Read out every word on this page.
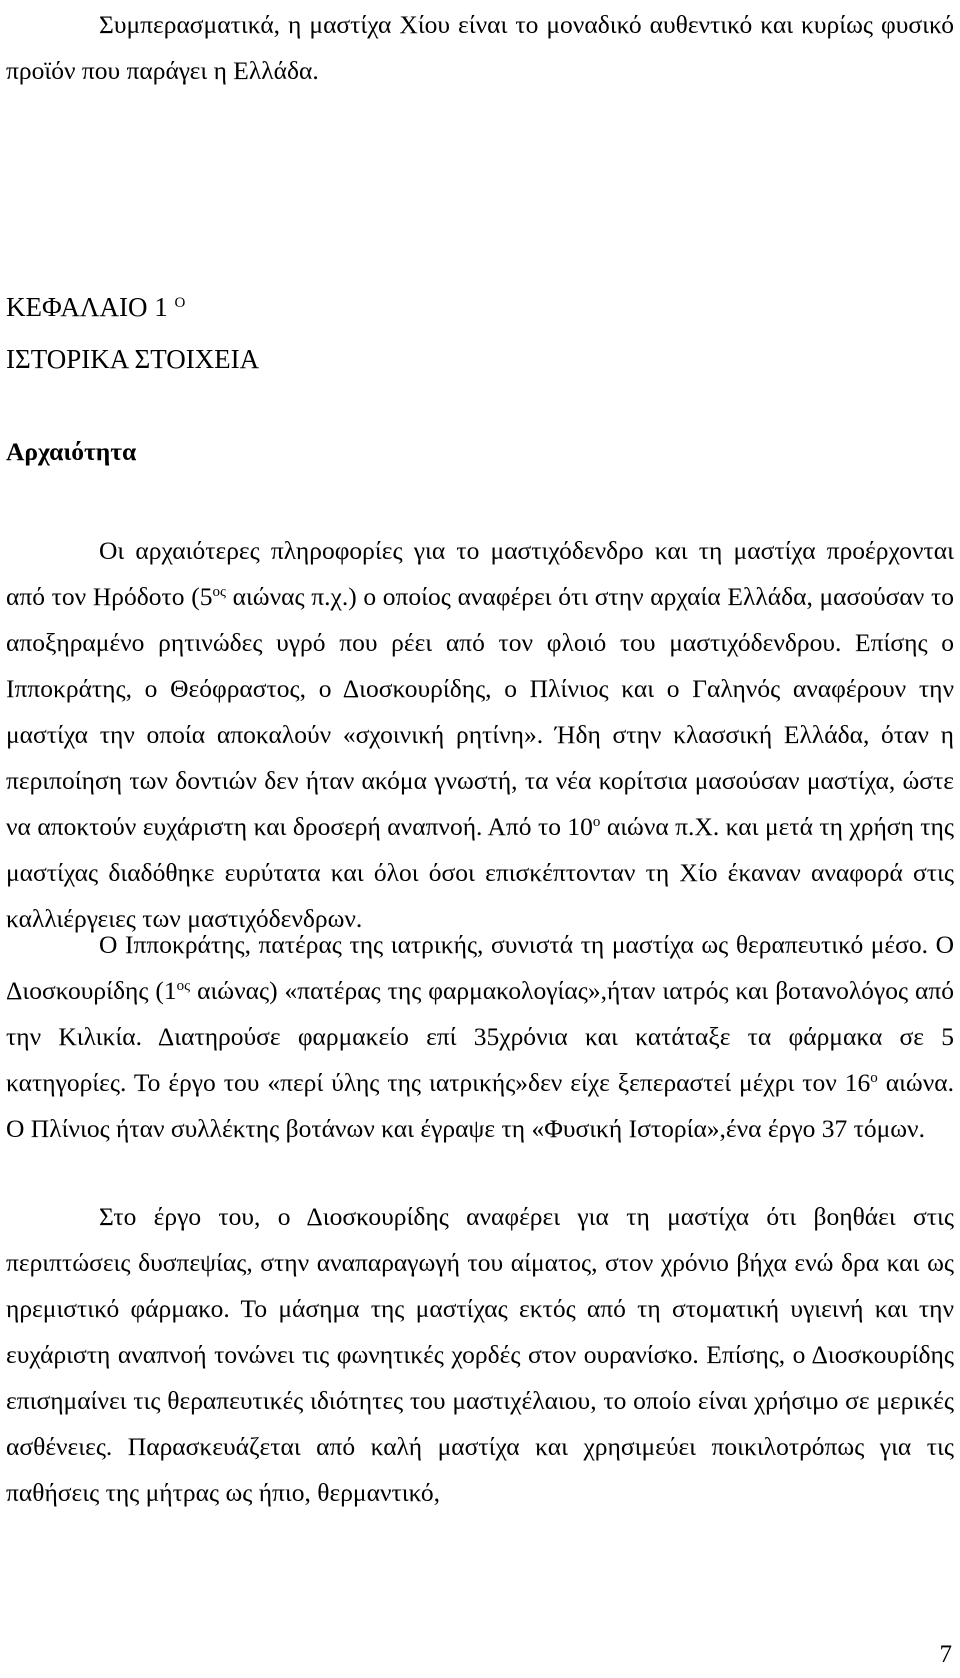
Συμπερασματικά, η μαστίχα Χίου είναι το μοναδικό αυθεντικό και κυρίως φυσικό προϊόν που παράγει η Ελλάδα.

ΚΕΦΑΛΑΙΟ 1 $^O$
ΙΣΤΟΡΙΚΑ ΣΤΟΙΧΕΙΑ
Αρχαιότητα

Οι αρχαιότερες πληροφορίες για το μαστιχόδενδρο και τη μαστίχα προέρχονται από τον Ηρόδοτο ($5^{o\varsigma}$ αιώνας π.χ.) ο οποίος αναφέρει ότι στην αρχαία Ελλάδα, μασούσαν το αποξηραμένο ρητινώδες υγρό που ρέει από τον φλοιό του μαστιχόδενδρου. Επίσης ο Ιπποκράτης, ο Θεόφραστος, ο Διοσκουρίδης, ο Πλίνιος και ο Γαληνός αναφέρουν την μαστίχα την οποία αποκαλούν «σχοινική ρητίνη». Ήδη στην κλασσική Ελλάδα, όταν η περιποίηση των δοντιών δεν ήταν ακόμα γνωστή, τα νέα κορίτσια μασούσαν μαστίχα, ώστε να αποκτούν ευχάριστη και δροσερή αναπνοή. Από το $10^o$ αιώνα π.Χ. και μετά τη χρήση της μαστίχας διαδόθηκε ευρύτατα και όλοι όσοι επισκέπτονταν τη Χίο έκαναν αναφορά στις καλλιέργειες των μαστιχόδενδρων.

Ο Ιπποκράτης, πατέρας της ιατρικής, συνιστά τη μαστίχα ως θεραπευτικό μέσο. Ο Διοσκουρίδης ($1^{o\varsigma}$ αιώνας) «πατέρας της φαρμακολογίας»,ήταν ιατρός και βοτανολόγος από την Κιλικία. Διατηρούσε φαρμακείο επί 35χρόνια και κατάταξε τα φάρμακα σε 5 κατηγορίες. Το έργο του «περί ύλης της ιατρικής»δεν είχε ξεπεραστεί μέχρι τον $16^o$ αιώνα. Ο Πλίνιος ήταν συλλέκτης βοτάνων και έγραψε τη «Φυσική Ιστορία»,ένα έργο 37 τόμων.

Στο έργο του, ο Διοσκουρίδης αναφέρει για τη μαστίχα ότι βοηθάει στις περιπτώσεις δυσπεψίας, στην αναπαραγωγή του αίματος, στον χρόνιο βήχα ενώ δρα και ως ηρεμιστικό φάρμακο. Το μάσημα της μαστίχας εκτός από τη στοματική υγιεινή και την ευχάριστη αναπνοή τονώνει τις φωνητικές χορδές στον ουρανίσκο. Επίσης, ο Διοσκουρίδης επισημαίνει τις θεραπευτικές ιδιότητες του μαστιχέλαιου, το οποίο είναι χρήσιμο σε μερικές ασθένειες. Παρασκευάζεται από καλή μαστίχα και χρησιμεύει ποικιλοτρόπως για τις παθήσεις της μήτρας ως ήπιο, θερμαντικό,

7
